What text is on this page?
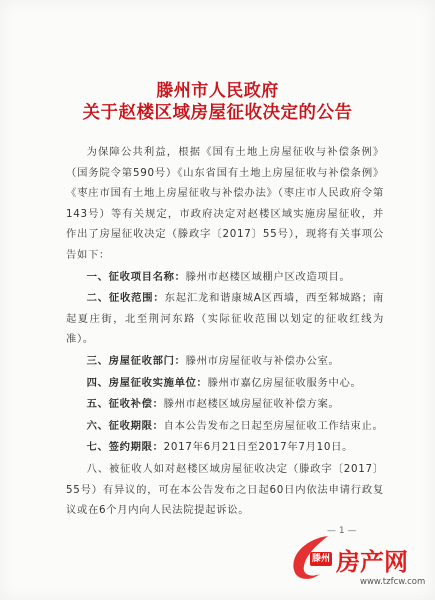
滕州市人民政府
关于赵楼区域房屋征收决定的公告

为保障公共利益，根据《国有土地上房屋征收与补偿条例》（国务院令第590号）《山东省国有土地上房屋征收与补偿条例》《枣庄市国有土地上房屋征收与补偿办法》（枣庄市人民政府令第143号）等有关规定，市政府决定对赵楼区域实施房屋征收，并作出了房屋征收决定（滕政字〔2017〕55号），现将有关事项公告如下：

一、征收项目名称：滕州市赵楼区域棚户区改造项目。

二、征收范围：东起汇龙和谐康城A区西墙，西至邾城路；南起夏庄街，北至荆河东路（实际征收范围以划定的征收红线为准）。

三、房屋征收部门：滕州市房屋征收与补偿办公室。

四、房屋征收实施单位：滕州市嘉亿房屋征收服务中心。

五、征收补偿：滕州市赵楼区域房屋征收补偿方案。

六、征收期限：自本公告发布之日起至房屋征收工作结束止。

七、签约期限：2017年6月21日至2017年7月10日。

八、被征收人如对赵楼区域房屋征收决定（滕政字〔2017〕55号）有异议的，可在本公告发布之日起60日内依法申请行政复议或在6个月内向人民法院提起诉讼。

— 1 —
滕州 房产网
www.tzfcw.com
